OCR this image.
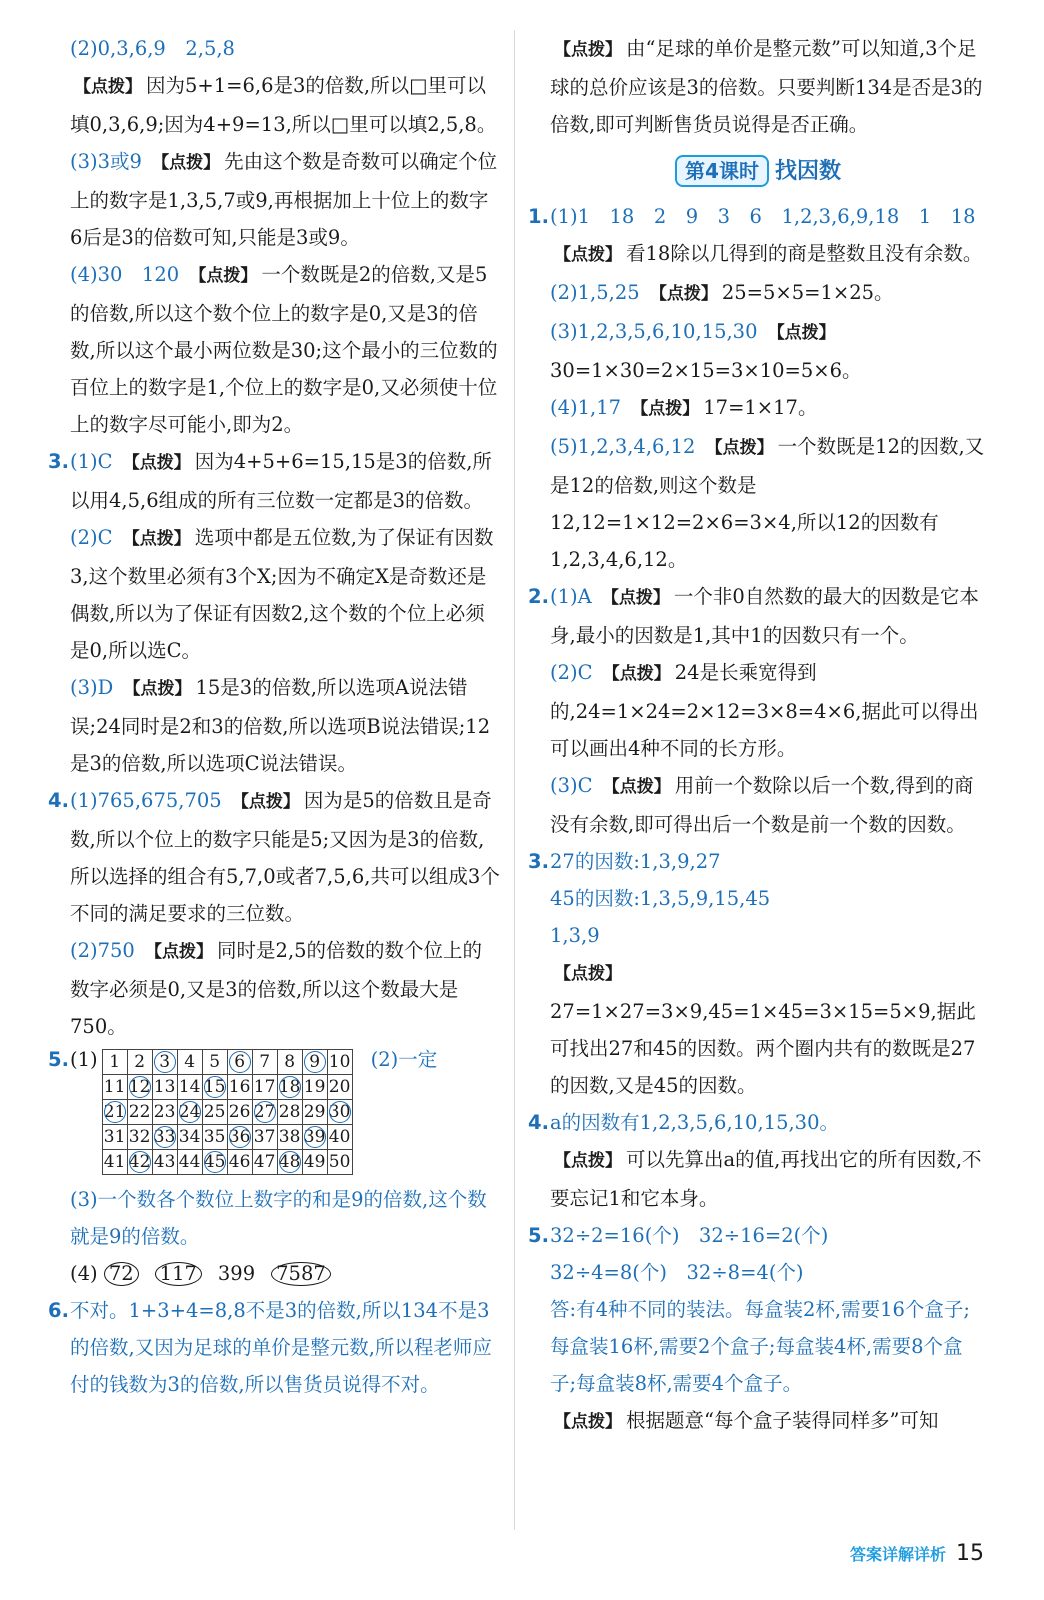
(2)0,3,6,9　2,5,8

【点拨】 因为5+1=6,6是3的倍数,所以□里可以填0,3,6,9;因为4+9=13,所以□里可以填2,5,8。

(3)3或9 【点拨】 先由这个数是奇数可以确定个位上的数字是1,3,5,7或9,再根据加上十位上的数字6后是3的倍数可知,只能是3或9。

(4)30　120 【点拨】 一个数既是2的倍数,又是5的倍数,所以这个数个位上的数字是0,又是3的倍数,所以这个最小两位数是30;这个最小的三位数的百位上的数字是1,个位上的数字是0,又必须使十位上的数字尽可能小,即为2。

3.(1)C 【点拨】 因为4+5+6=15,15是3的倍数,所以用4,5,6组成的所有三位数一定都是3的倍数。

(2)C 【点拨】 选项中都是五位数,为了保证有因数3,这个数里必须有3个X;因为不确定X是奇数还是偶数,所以为了保证有因数2,这个数的个位上必须是0,所以选C。

(3)D 【点拨】 15是3的倍数,所以选项A说法错误;24同时是2和3的倍数,所以选项B说法错误;12是3的倍数,所以选项C说法错误。

4.(1)765,675,705 【点拨】 因为是5的倍数且是奇数,所以个位上的数字只能是5;又因为是3的倍数,所以选择的组合有5,7,0或者7,5,6,共可以组成3个不同的满足要求的三位数。

(2)750 【点拨】 同时是2,5的倍数的数个位上的数字必须是0,又是3的倍数,所以这个数最大是750。

5. (1) 1	2	3	4	5	6	7	8	9	10
11	12	13	14	15	16	17	18	19	20
21	22	23	24	25	26	27	28	29	30

31	32	33	34	35	36	37	38	39	40
41	42	43	44	45	46	47	48	49	50
(2)一定

(3)一个数各个数位上数字的和是9的倍数,这个数就是9的倍数。

(4) 72 117 399 7587

6.不对。1+3+4=8,8不是3的倍数,所以134不是3的倍数,又因为足球的单价是整元数,所以程老师应付的钱数为3的倍数,所以售货员说得不对。

【点拨】 由“足球的单价是整元数”可以知道,3个足球的总价应该是3的倍数。只要判断134是否是3的倍数,即可判断售货员说得是否正确。

第4课时 找因数

1.(1)1　18　2　9　3　6　1,2,3,6,9,18　1　18

【点拨】 看18除以几得到的商是整数且没有余数。

(2)1,5,25 【点拨】 25=5×5=1×25。

(3)1,2,3,5,6,10,15,30 【点拨】30=1×30=2×15=3×10=5×6。

(4)1,17 【点拨】 17=1×17。

(5)1,2,3,4,6,12 【点拨】 一个数既是12的因数,又是12的倍数,则这个数是12,12=1×12=2×6=3×4,所以12的因数有1,2,3,4,6,12。

2.(1)A 【点拨】 一个非0自然数的最大的因数是它本身,最小的因数是1,其中1的因数只有一个。

(2)C 【点拨】 24是长乘宽得到的,24=1×24=2×12=3×8=4×6,据此可以得出可以画出4种不同的长方形。

(3)C 【点拨】 用前一个数除以后一个数,得到的商没有余数,即可得出后一个数是前一个数的因数。

3.27的因数:1,3,9,27

45的因数:1,3,5,9,15,45

1,3,9

【点拨】27=1×27=3×9,45=1×45=3×15=5×9,据此可找出27和45的因数。两个圈内共有的数既是27的因数,又是45的因数。

4.a的因数有1,2,3,5,6,10,15,30。

【点拨】 可以先算出a的值,再找出它的所有因数,不要忘记1和它本身。

5.32÷2=16(个)　32÷16=2(个)

32÷4=8(个)　32÷8=4(个)

答:有4种不同的装法。每盒装2杯,需要16个盒子;每盒装16杯,需要2个盒子;每盒装4杯,需要8个盒子;每盒装8杯,需要4个盒子。

【点拨】 根据题意“每个盒子装得同样多”可知

答案详解详析 15
